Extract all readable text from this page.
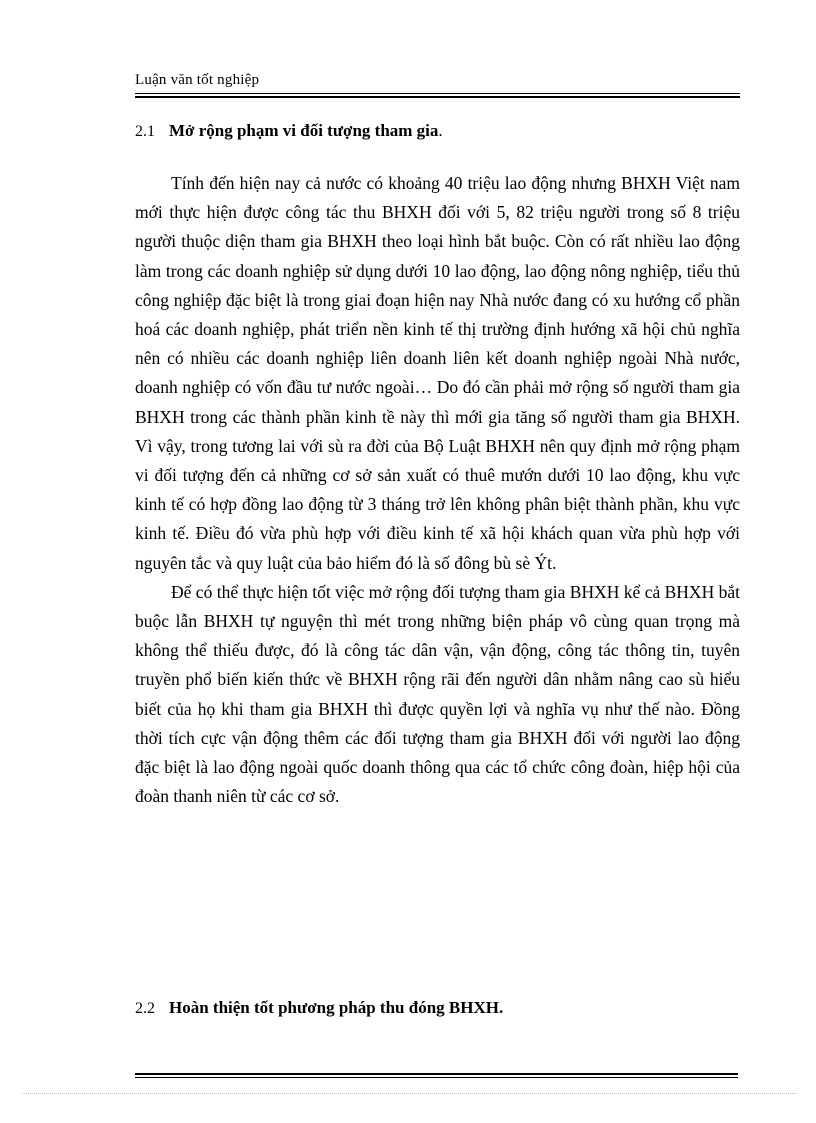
Luận văn tốt nghiệp
2.1 Mở rộng phạm vi đối tượng tham gia.

Tính đến hiện nay cả nước có khoảng 40 triệu lao động nhưng BHXH Việt nam mới thực hiện được công tác thu BHXH đối với 5, 82 triệu người trong số 8 triệu người thuộc diện tham gia BHXH theo loại hình bắt buộc. Còn có rất nhiều lao động làm trong các doanh nghiệp sử dụng dưới 10 lao động, lao động nông nghiệp, tiểu thủ công nghiệp đặc biệt là trong giai đoạn hiện nay Nhà nước đang có xu hướng cổ phần hoá các doanh nghiệp, phát triển nền kinh tế thị trường định hướng xã hội chủ nghĩa nên có nhiều các doanh nghiệp liên doanh liên kết doanh nghiệp ngoài Nhà nước, doanh nghiệp có vốn đầu tư nước ngoài… Do đó cần phải mở rộng số người tham gia BHXH trong các thành phần kinh tề này thì mới gia tăng số người tham gia BHXH. Vì vậy, trong tương lai với sù ra đời của Bộ Luật BHXH nên quy định mở rộng phạm vi đối tượng đến cả những cơ sở sản xuất có thuê mướn dưới 10 lao động, khu vực kinh tế có hợp đồng lao động từ 3 tháng trở lên không phân biệt thành phần, khu vực kinh tế. Điều đó vừa phù hợp với điều kinh tế xã hội khách quan vừa phù hợp với nguyên tắc và quy luật của bảo hiểm đó là số đông bù sè Ýt.

Để có thể thực hiện tốt việc mở rộng đối tượng tham gia BHXH kể cả BHXH bắt buộc lẫn BHXH tự nguyện thì mét trong những biện pháp vô cùng quan trọng mà không thể thiếu được, đó là công tác dân vận, vận động, công tác thông tin, tuyên truyền phổ biến kiến thức về BHXH rộng rãi đến người dân nhằm nâng cao sù hiểu biết của họ khi tham gia BHXH thì được quyền lợi và nghĩa vụ như thế nào. Đồng thời tích cực vận động thêm các đối tượng tham gia BHXH đối với người lao động đặc biệt là lao động ngoài quốc doanh thông qua các tổ chức công đoàn, hiệp hội của đoàn thanh niên từ các cơ sở.

2.2 Hoàn thiện tốt phương pháp thu đóng BHXH.
